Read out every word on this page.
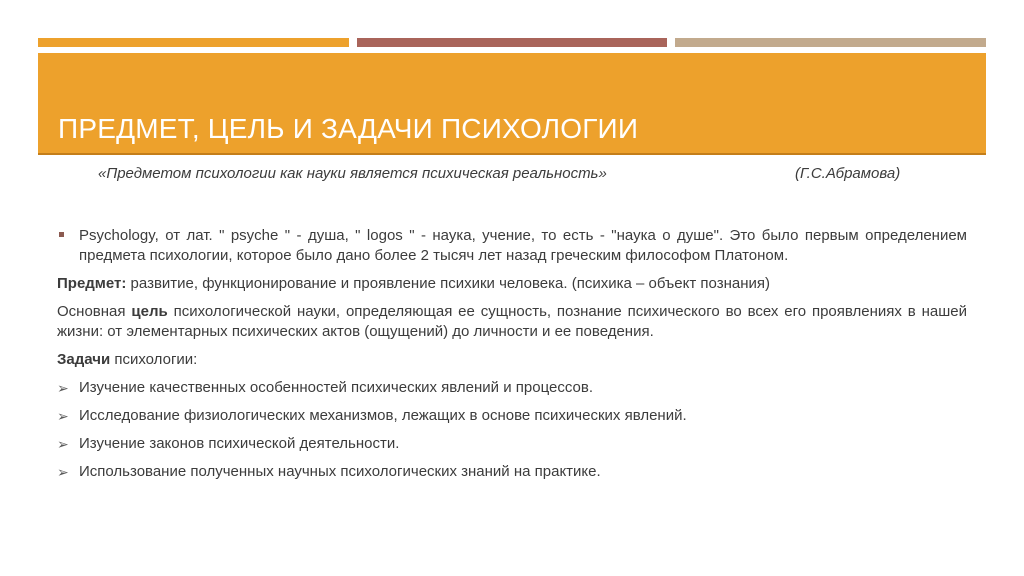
ПРЕДМЕТ, ЦЕЛЬ И ЗАДАЧИ ПСИХОЛОГИИ
«Предметом психологии как науки является психическая реальность»	(Г.С.Абрамова)

Psychology, от лат. " psyche " - душа, " logos " - наука, учение, то есть - "наука о душе". Это было первым определением предмета психологии, которое было дано более 2 тысяч лет назад греческим философом Платоном.

Предмет: развитие, функционирование и проявление психики человека. (психика – объект познания)

Основная цель психологической науки, определяющая ее сущность, познание психического во всех его проявлениях в нашей жизни: от элементарных психических актов (ощущений) до личности и ее поведения.

Задачи психологии:

➢ Изучение качественных особенностей психических явлений и процессов.
➢ Исследование физиологических механизмов, лежащих в основе психических явлений.
➢ Изучение законов психической деятельности.
➢ Использование полученных научных психологических знаний на практике.
